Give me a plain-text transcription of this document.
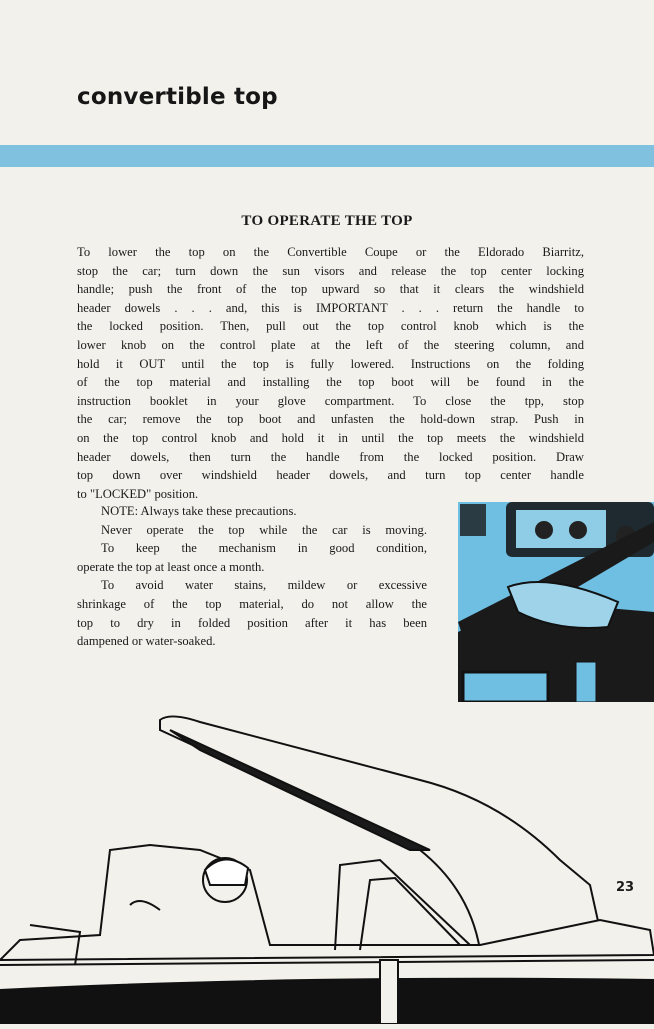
convertible top
TO OPERATE THE TOP
To lower the top on the Convertible Coupe or the Eldorado Biarritz,
stop the car; turn down the sun visors and release the top center locking
handle; push the front of the top upward so that it clears the windshield
header dowels . . . and, this is IMPORTANT . . . return the handle to
the locked position. Then, pull out the top control knob which is the
lower knob on the control plate at the left of the steering column, and
hold it OUT until the top is fully lowered. Instructions on the folding
of the top material and installing the top boot will be found in the
instruction booklet in your glove compartment. To close the tpp, stop
the car; remove the top boot and unfasten the hold-down strap. Push in
on the top control knob and hold it in until the top meets the windshield
header dowels, then turn the handle from the locked position. Draw
top down over windshield header dowels, and turn top center handle
to "LOCKED" position.
NOTE: Always take these precautions.
Never operate the top while the car is moving.
To keep the mechanism in good condition,
operate the top at least once a month.
To avoid water stains, mildew or excessive
shrinkage of the top material, do not allow the
top to dry in folded position after it has been
dampened or water-soaked.
23
